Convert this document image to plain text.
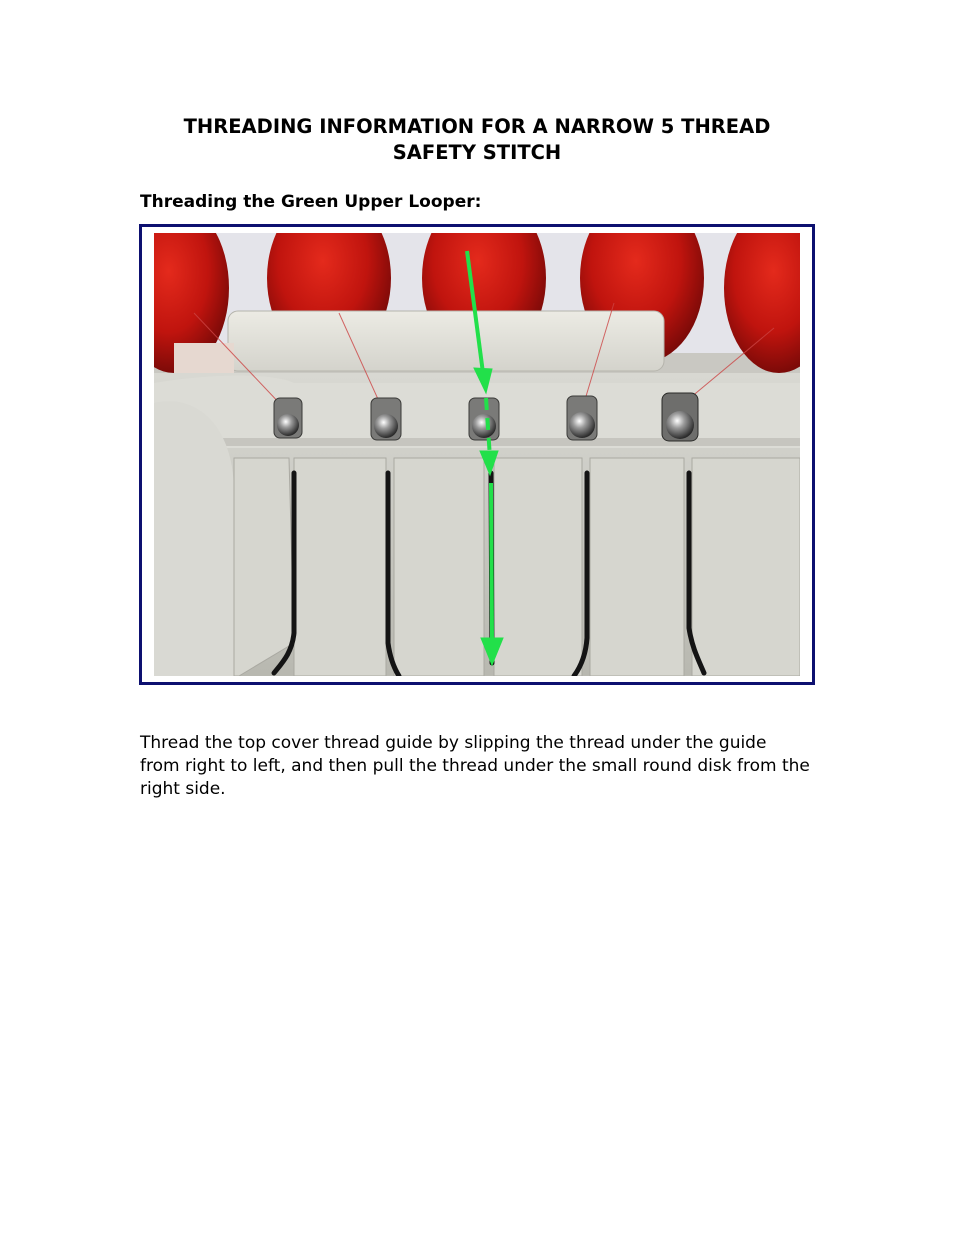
THREADING INFORMATION FOR A NARROW 5 THREAD
SAFETY STITCH
Threading the Green Upper Looper:

Thread the top cover thread guide by slipping the thread under the guide from right to left, and then pull the thread under the small round disk from the right side.
